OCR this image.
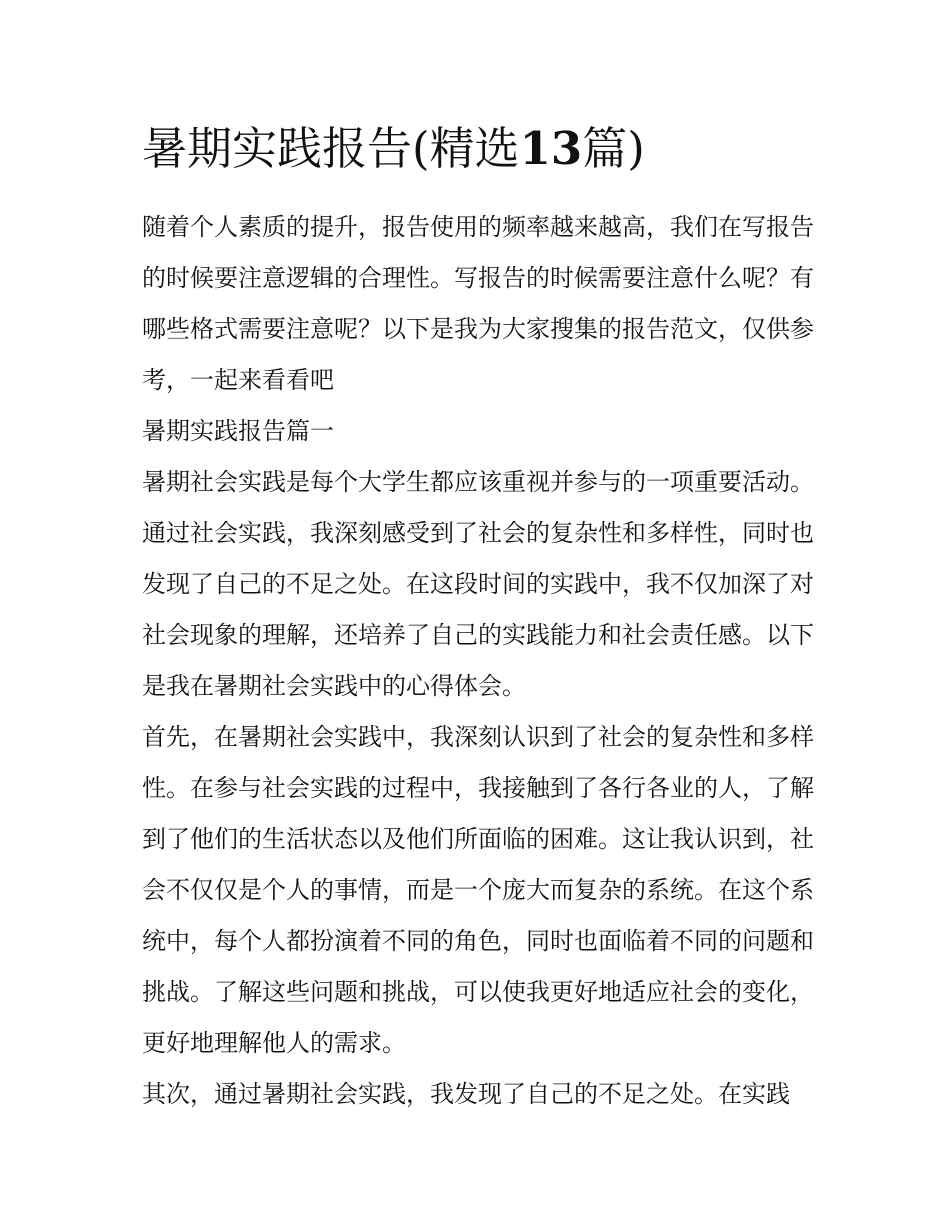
暑期实践报告(精选13篇)

随着个人素质的提升，报告使用的频率越来越高，我们在写报告的时候要注意逻辑的合理性。写报告的时候需要注意什么呢？有哪些格式需要注意呢？以下是我为大家搜集的报告范文，仅供参考，一起来看看吧

暑期实践报告篇一

暑期社会实践是每个大学生都应该重视并参与的一项重要活动。通过社会实践，我深刻感受到了社会的复杂性和多样性，同时也发现了自己的不足之处。在这段时间的实践中，我不仅加深了对社会现象的理解，还培养了自己的实践能力和社会责任感。以下是我在暑期社会实践中的心得体会。

首先，在暑期社会实践中，我深刻认识到了社会的复杂性和多样性。在参与社会实践的过程中，我接触到了各行各业的人，了解到了他们的生活状态以及他们所面临的困难。这让我认识到，社会不仅仅是个人的事情，而是一个庞大而复杂的系统。在这个系统中，每个人都扮演着不同的角色，同时也面临着不同的问题和挑战。了解这些问题和挑战，可以使我更好地适应社会的变化，更好地理解他人的需求。

其次，通过暑期社会实践，我发现了自己的不足之处。在实践
